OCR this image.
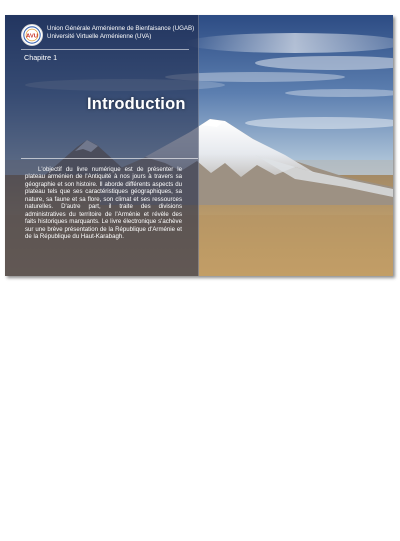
AVU
Union Générale Arménienne de Bienfaisance (UGAB)
Université Virtuelle Arménienne (UVA)
Chapitre 1
Introduction

L'objectif du livre numérique est de présenter le plateau arménien de l'Antiquité à nos jours à travers sa géographie et son histoire. Il aborde différents aspects du plateau tels que ses caractéristiques géographiques, sa nature, sa faune et sa flore, son climat et ses ressources naturelles. D'autre part, il traite des divisions administratives du territoire de l'Arménie et révèle des faits historiques marquants. Le livre électronique s'achève sur une brève présentation de la République d'Arménie et de la République du Haut-Karabagh.
